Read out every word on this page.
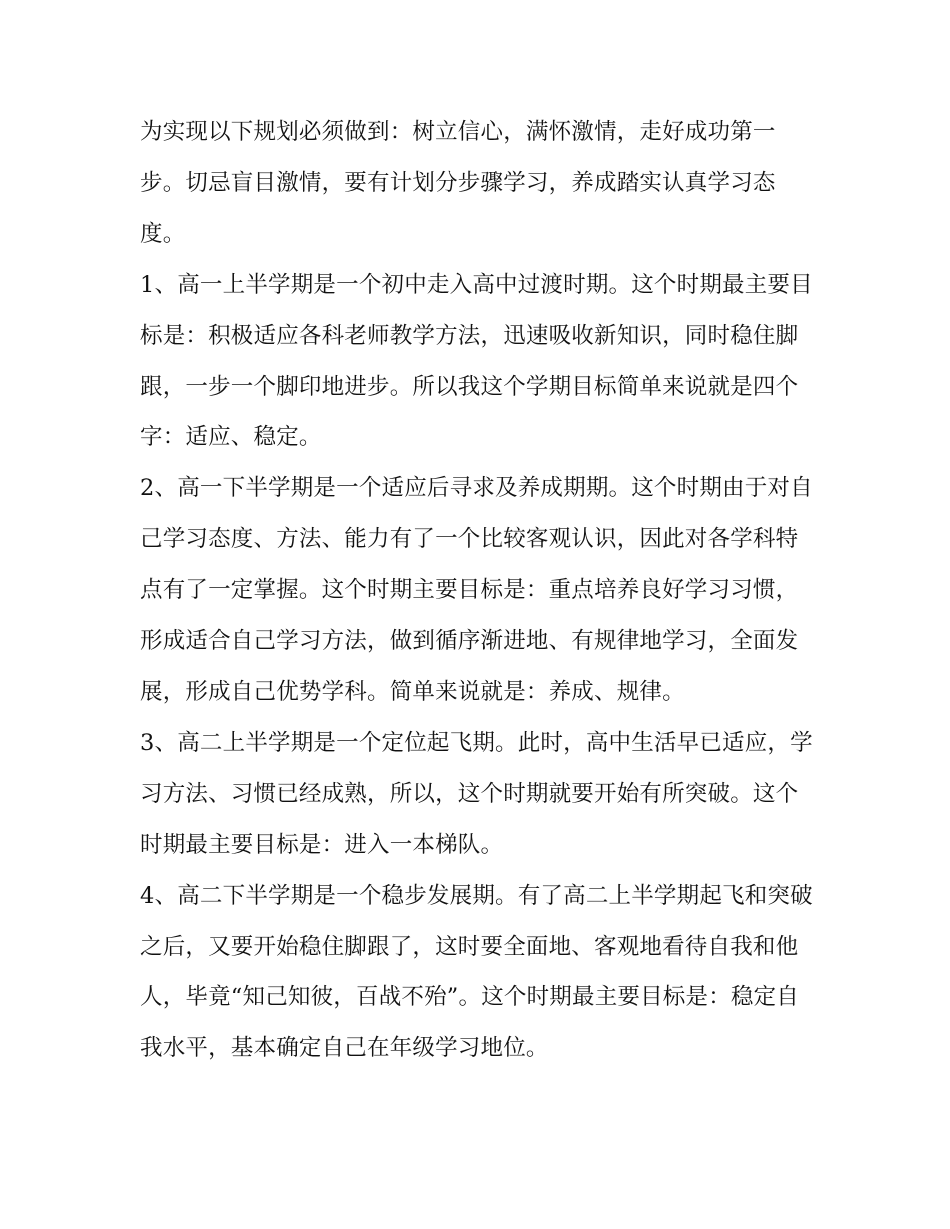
为实现以下规划必须做到：树立信心，满怀激情，走好成功第一步。切忌盲目激情，要有计划分步骤学习，养成踏实认真学习态度。

1、高一上半学期是一个初中走入高中过渡时期。这个时期最主要目标是：积极适应各科老师教学方法，迅速吸收新知识，同时稳住脚跟，一步一个脚印地进步。所以我这个学期目标简单来说就是四个字：适应、稳定。

2、高一下半学期是一个适应后寻求及养成期期。这个时期由于对自己学习态度、方法、能力有了一个比较客观认识，因此对各学科特点有了一定掌握。这个时期主要目标是：重点培养良好学习习惯，形成适合自己学习方法，做到循序渐进地、有规律地学习，全面发展，形成自己优势学科。简单来说就是：养成、规律。

3、高二上半学期是一个定位起飞期。此时，高中生活早已适应，学习方法、习惯已经成熟，所以，这个时期就要开始有所突破。这个时期最主要目标是：进入一本梯队。

4、高二下半学期是一个稳步发展期。有了高二上半学期起飞和突破之后，又要开始稳住脚跟了，这时要全面地、客观地看待自我和他人，毕竟“知己知彼，百战不殆”。这个时期最主要目标是：稳定自我水平，基本确定自己在年级学习地位。
